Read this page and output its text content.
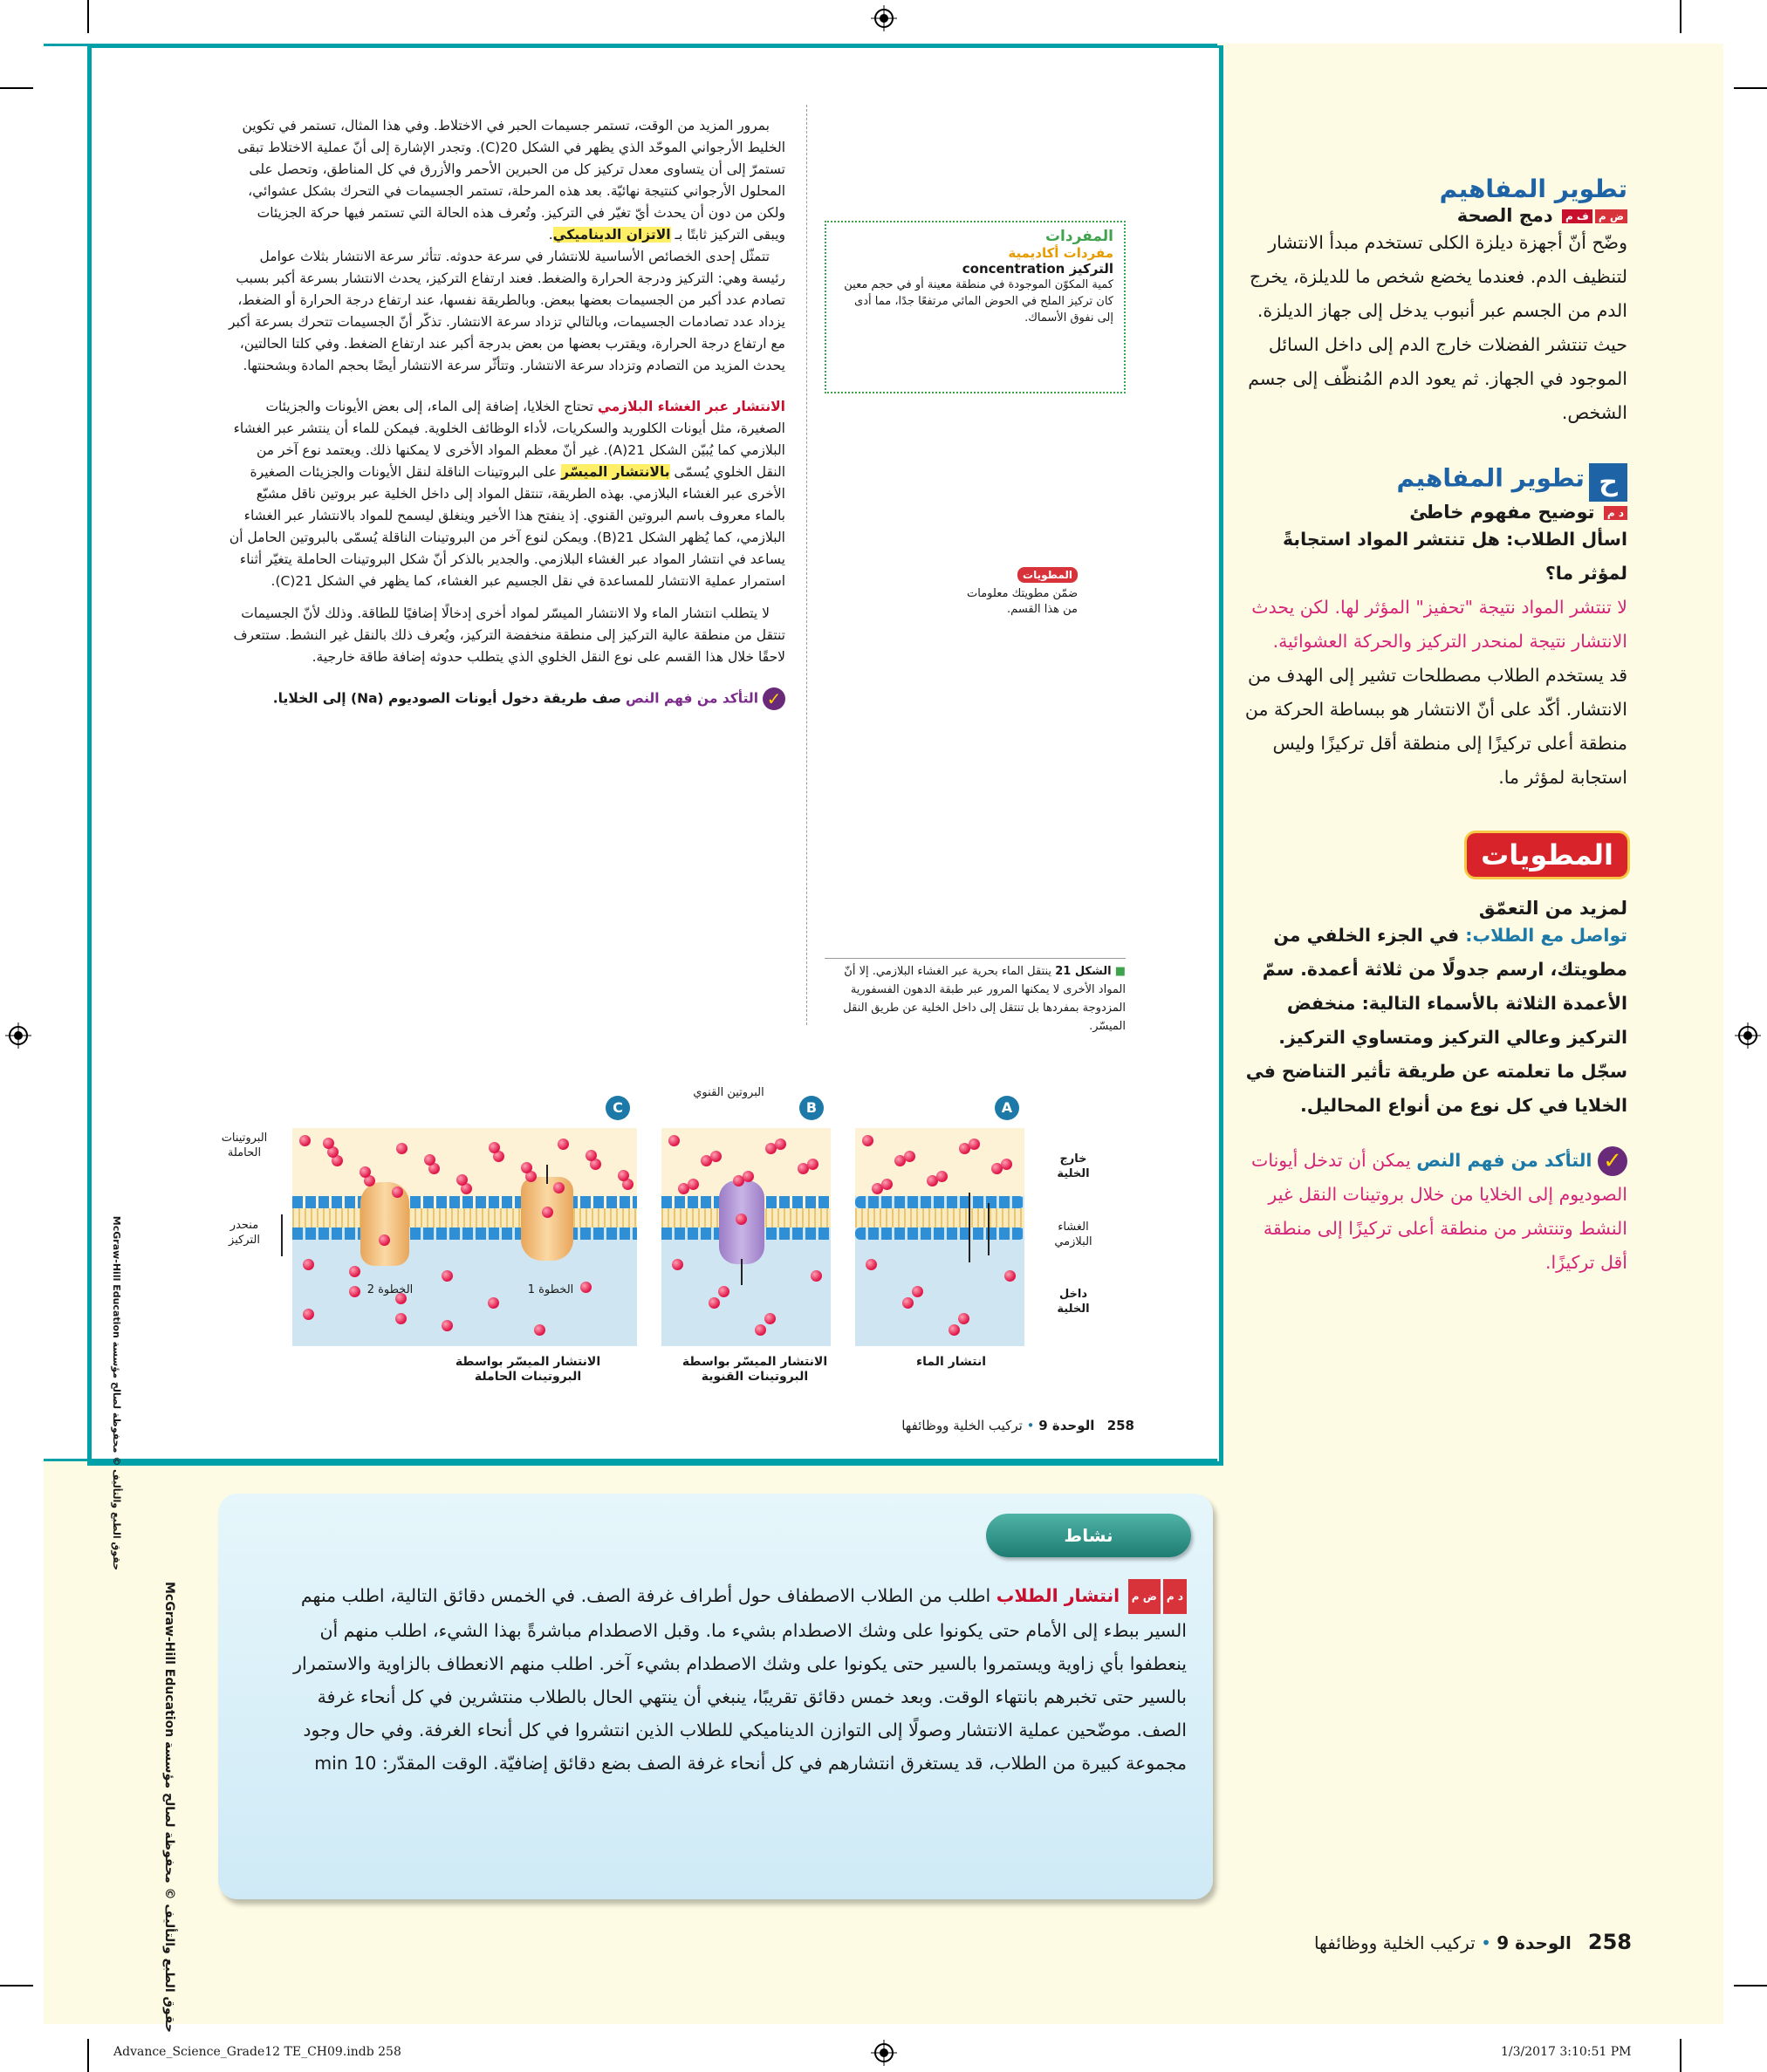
بمرور المزيد من الوقت، تستمر جسيمات الحبر في الاختلاط. وفي هذا المثال، تستمر في تكوين الخليط الأرجواني الموحّد الذي يظهر في الشكل 20(C). وتجدر الإشارة إلى أنّ عملية الاختلاط تبقى تستمرّ إلى أن يتساوى معدل تركيز كل من الحبرين الأحمر والأزرق في كل المناطق، وتحصل على المحلول الأرجواني كنتيجة نهائيّة. بعد هذه المرحلة، تستمر الجسيمات في التحرك بشكل عشوائي، ولكن من دون أن يحدث أيّ تغيّر في التركيز. وتُعرف هذه الحالة التي تستمر فيها حركة الجزيئات ويبقى التركيز ثابتًا بـ الاتزان الديناميكي.

تتمثّل إحدى الخصائص الأساسية للانتشار في سرعة حدوثه. تتأثر سرعة الانتشار بثلاث عوامل رئيسة وهي: التركيز ودرجة الحرارة والضغط. فعند ارتفاع التركيز، يحدث الانتشار بسرعة أكبر بسبب تصادم عدد أكبر من الجسيمات بعضها ببعض. وبالطريقة نفسها، عند ارتفاع درجة الحرارة أو الضغط، يزداد عدد تصادمات الجسيمات، وبالتالي تزداد سرعة الانتشار. تذكّر أنّ الجسيمات تتحرك بسرعة أكبر مع ارتفاع درجة الحرارة، ويقترب بعضها من بعض بدرجة أكبر عند ارتفاع الضغط. وفي كلتا الحالتين، يحدث المزيد من التصادم وتزداد سرعة الانتشار. وتتأثّر سرعة الانتشار أيضًا بحجم المادة وبشحنتها.

الانتشار عبر الغشاء البلازمي تحتاج الخلايا، إضافة إلى الماء، إلى بعض الأيونات والجزيئات الصغيرة، مثل أيونات الكلوريد والسكريات، لأداء الوظائف الخلوية. فيمكن للماء أن ينتشر عبر الغشاء البلازمي كما يُبيّن الشكل 21(A). غير أنّ معظم المواد الأخرى لا يمكنها ذلك. ويعتمد نوع آخر من النقل الخلوي يُسمّى بالانتشار الميسّر على البروتينات الناقلة لنقل الأيونات والجزيئات الصغيرة الأخرى عبر الغشاء البلازمي. بهذه الطريقة، تنتقل المواد إلى داخل الخلية عبر بروتين ناقل مشبّع بالماء معروف باسم البروتين القنوي. إذ ينفتح هذا الأخير وينغلق ليسمح للمواد بالانتشار عبر الغشاء البلازمي، كما يُظهر الشكل 21(B). ويمكن لنوع آخر من البروتينات الناقلة يُسمّى بالبروتين الحامل أن يساعد في انتشار المواد عبر الغشاء البلازمي. والجدير بالذكر أنّ شكل البروتينات الحاملة يتغيّر أثناء استمرار عملية الانتشار للمساعدة في نقل الجسيم عبر الغشاء، كما يظهر في الشكل 21(C).

لا يتطلب انتشار الماء ولا الانتشار الميسّر لمواد أخرى إدخالًا إضافيًا للطاقة. وذلك لأنّ الجسيمات تنتقل من منطقة عالية التركيز إلى منطقة منخفضة التركيز، ويُعرف ذلك بالنقل غير النشط. ستتعرف لاحقًا خلال هذا القسم على نوع النقل الخلوي الذي يتطلب حدوثه إضافة طاقة خارجية.

✓ التأكد من فهم النص صف طريقة دخول أيونات الصوديوم (Na) إلى الخلايا.

المفردات
مفردات أكاديمية
التركيز concentration
كمية المكوّن الموجودة في منطقة معينة أو في حجم معين
كان تركيز الملح في الحوض المائي مرتفعًا جدًا، مما أدى إلى نفوق الأسماك.
المطويات
ضمّن مطويتك معلومات من هذا القسم.
■ الشكل 21 ينتقل الماء بحرية عبر الغشاء البلازمي. إلا أنّ المواد الأخرى لا يمكنها المرور عبر طبقة الدهون الفسفورية المزدوجة بمفردها بل تنتقل إلى داخل الخلية عن طريق النقل الميسّر.
A
B
C
خارج الخلية
الغشاء البلازمي
داخل الخلية
البروتين القنوي
البروتينات الحاملة
منحدر التركيز
الخطوة 1
الخطوة 2
انتشار الماء
الانتشار الميسّر بواسطة البروتينات القنوية
الانتشار الميسّر بواسطة البروتينات الحاملة
258   الوحدة 9 • تركيب الخلية ووظائفها
حقوق الطبع والتأليف © محفوظة لصالح مؤسسة McGraw-Hill Education
حقوق الطبع والتأليف © محفوظة لصالح مؤسسة McGraw-Hill Education
تطوير المفاهيم
ض مف م دمج الصحة
وضّح أنّ أجهزة ديلزة الكلى تستخدم مبدأ الانتشار لتنظيف الدم. فعندما يخضع شخص ما للديلزة، يخرج الدم من الجسم عبر أنبوب يدخل إلى جهاز الديلزة. حيث تنتشر الفضلات خارج الدم إلى داخل السائل الموجود في الجهاز. ثم يعود الدم المُنظّف إلى جسم الشخص.
ح تطوير المفاهيم
د م توضيح مفهوم خاطئ
اسأل الطلاب: هل تنتشر المواد استجابةً لمؤثر ما؟
لا تنتشر المواد نتيجة "تحفيز" المؤثر لها. لكن يحدث الانتشار نتيجة لمنحدر التركيز والحركة العشوائية.
قد يستخدم الطلاب مصطلحات تشير إلى الهدف من الانتشار. أكّد على أنّ الانتشار هو ببساطة الحركة من منطقة أعلى تركيزًا إلى منطقة أقل تركيزًا وليس استجابة لمؤثر ما.
المطويات
لمزيد من التعمّق
تواصل مع الطلاب: في الجزء الخلفي من مطويتك، ارسم جدولًا من ثلاثة أعمدة. سمّ الأعمدة الثلاثة بالأسماء التالية: منخفض التركيز وعالي التركيز ومتساوي التركيز. سجّل ما تعلمته عن طريقة تأثير التناضح في الخلايا في كل نوع من أنواع المحاليل.
✓ التأكد من فهم النص يمكن أن تدخل أيونات الصوديوم إلى الخلايا من خلال بروتينات النقل غير النشط وتنتشر من منطقة أعلى تركيزًا إلى منطقة أقل تركيزًا.
نشاط
د مض م انتشار الطلاب اطلب من الطلاب الاصطفاف حول أطراف غرفة الصف. في الخمس دقائق التالية، اطلب منهم السير ببطء إلى الأمام حتى يكونوا على وشك الاصطدام بشيء ما. وقبل الاصطدام مباشرةً بهذا الشيء، اطلب منهم أن ينعطفوا بأي زاوية ويستمروا بالسير حتى يكونوا على وشك الاصطدام بشيء آخر. اطلب منهم الانعطاف بالزاوية والاستمرار بالسير حتى تخبرهم بانتهاء الوقت. وبعد خمس دقائق تقريبًا، ينبغي أن ينتهي الحال بالطلاب منتشرين في كل أنحاء غرفة الصف. موضّحين عملية الانتشار وصولًا إلى التوازن الديناميكي للطلاب الذين انتشروا في كل أنحاء الغرفة. وفي حال وجود مجموعة كبيرة من الطلاب، قد يستغرق انتشارهم في كل أنحاء غرفة الصف بضع دقائق إضافيّة. الوقت المقدّر: 10 min
258   الوحدة 9 • تركيب الخلية ووظائفها
Advance_Science_Grade12 TE_CH09.indb 258	1/3/2017 3:10:51 PM
